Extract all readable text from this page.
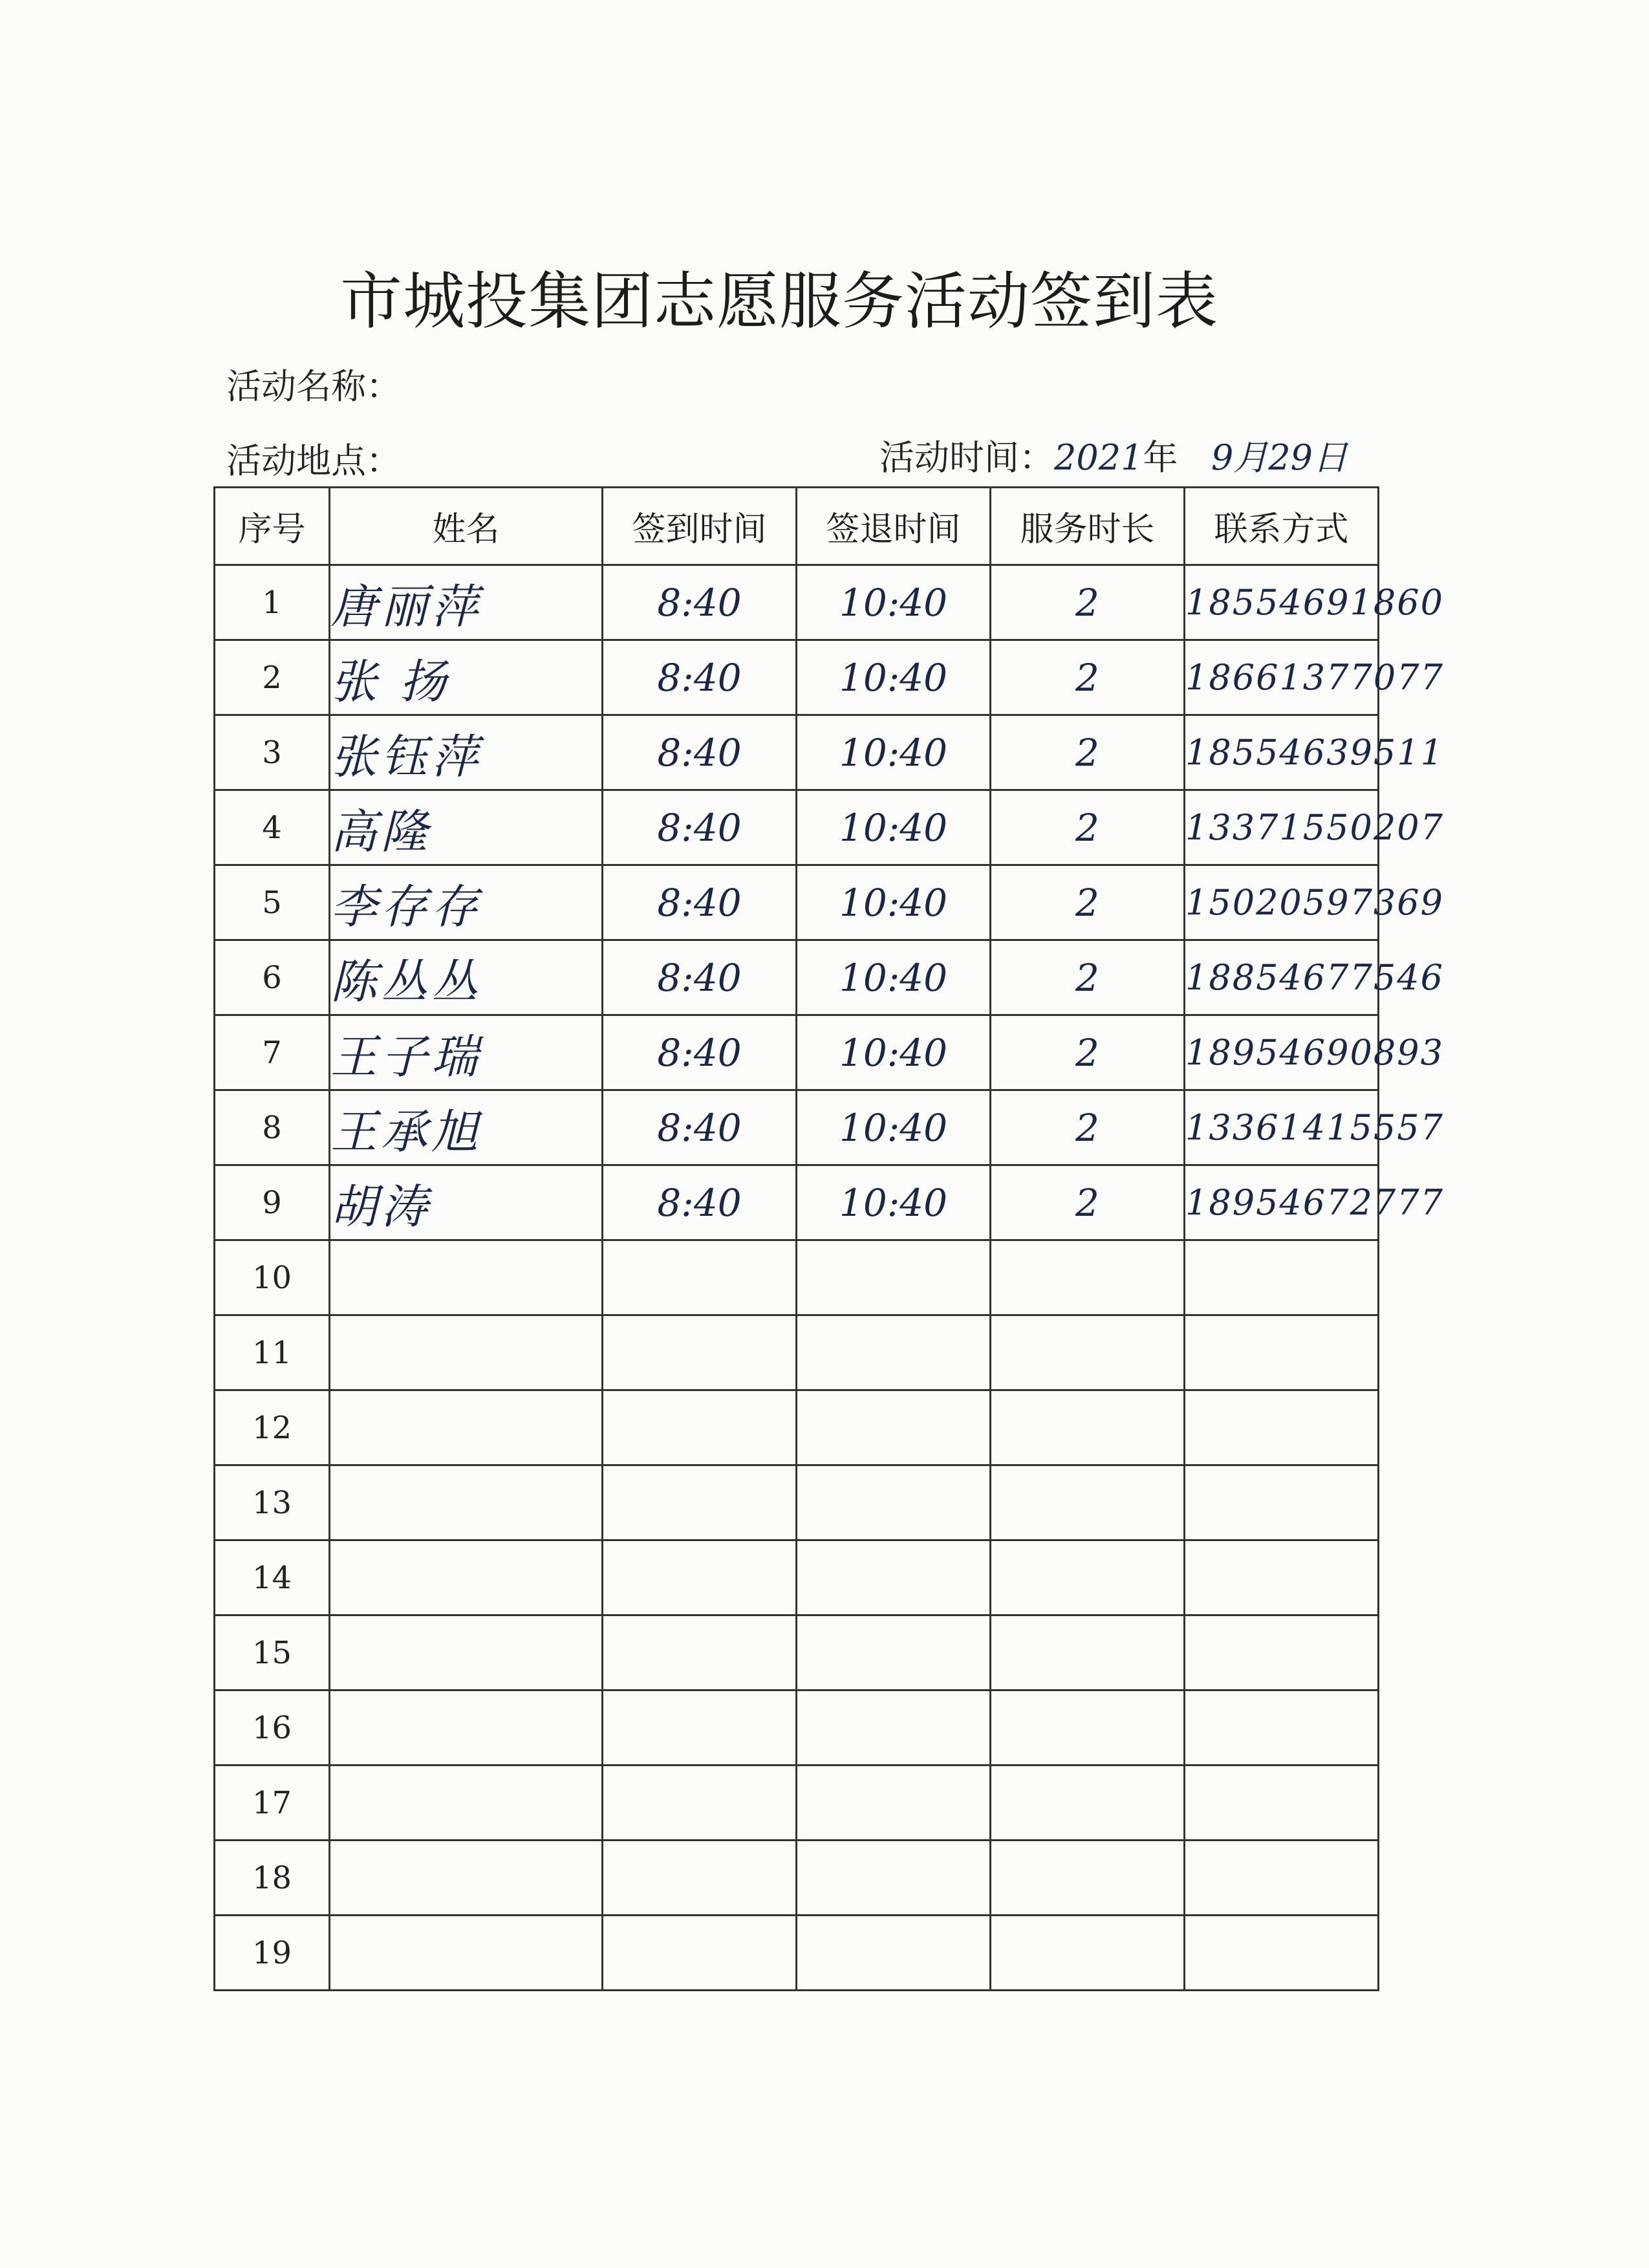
市城投集团志愿服务活动签到表
活动名称：
活动地点：	活动时间：2021年 9月29日
序号	姓名	签到时间	签退时间	服务时长	联系方式
1	唐丽萍	8:40	10:40	2	18554691860
2	张 扬	8:40	10:40	2	18661377077
3	张钰萍	8:40	10:40	2	18554639511
4	高隆	8:40	10:40	2	13371550207
5	李存存	8:40	10:40	2	15020597369
6	陈丛丛	8:40	10:40	2	18854677546
7	王子瑞	8:40	10:40	2	18954690893
8	王承旭	8:40	10:40	2	13361415557
9	胡涛	8:40	10:40	2	18954672777
10					
11					
12					
13					
14					
15					
16					
17					
18					
19					
